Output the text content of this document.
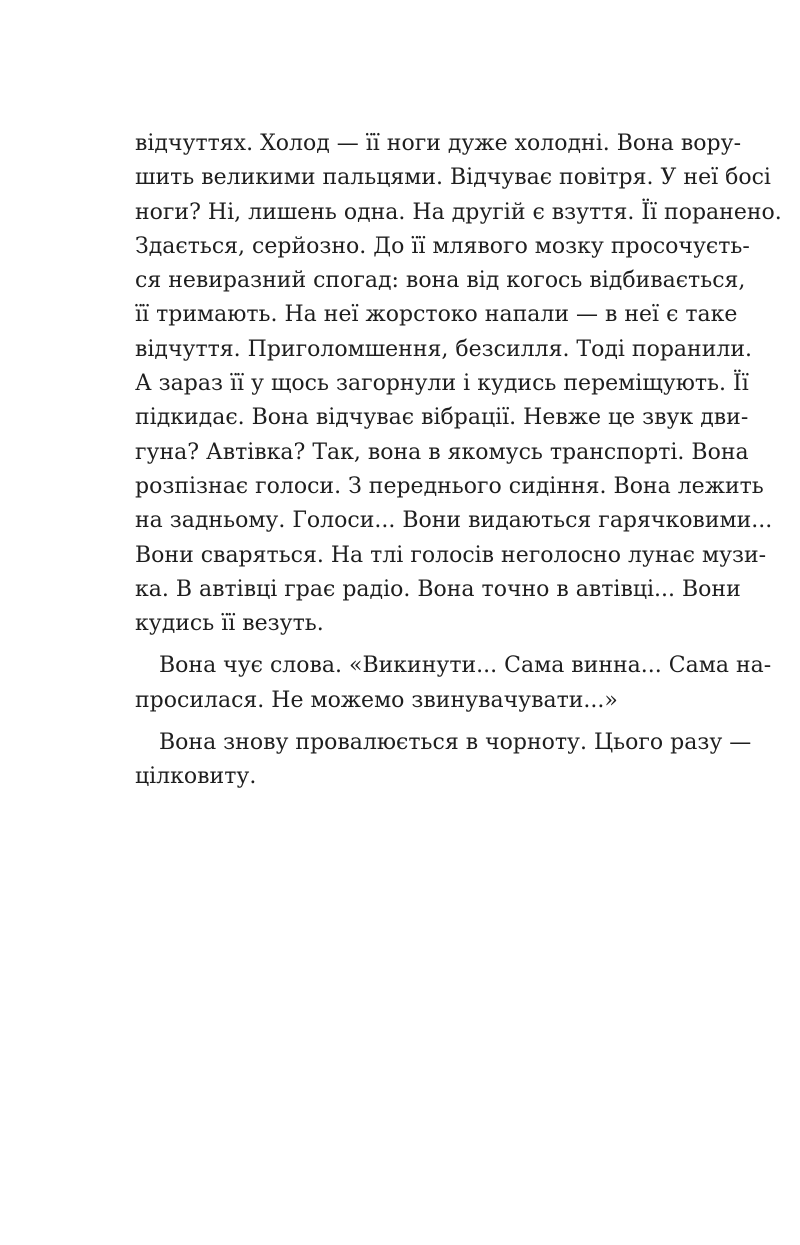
відчуттях. Холод — її ноги дуже холодні. Вона вору-
шить великими пальцями. Відчуває повітря. У неї босі
ноги? Ні, лишень одна. На другій є взуття. Її поранено.
Здається, серйозно. До її млявого мозку просочуєть-
ся невиразний спогад: вона від когось відбивається,
її тримають. На неї жорстоко напали — в неї є таке
відчуття. Приголомшення, безсилля. Тоді поранили.
А зараз її у щось загорнули і кудись переміщують. Її
підкидає. Вона відчуває вібрації. Невже це звук дви-
гуна? Автівка? Так, вона в якомусь транспорті. Вона
розпізнає голоси. З переднього сидіння. Вона лежить
на задньому. Голоси... Вони видаються гарячковими...
Вони сваряться. На тлі голосів неголосно лунає музи-
ка. В автівці грає радіо. Вона точно в автівці... Вони
кудись її везуть.
Вона чує слова. «Викинути... Сама винна... Сама на-
просилася. Не можемо звинувачувати...»
Вона знову провалюється в чорноту. Цього разу —
цілковиту.
